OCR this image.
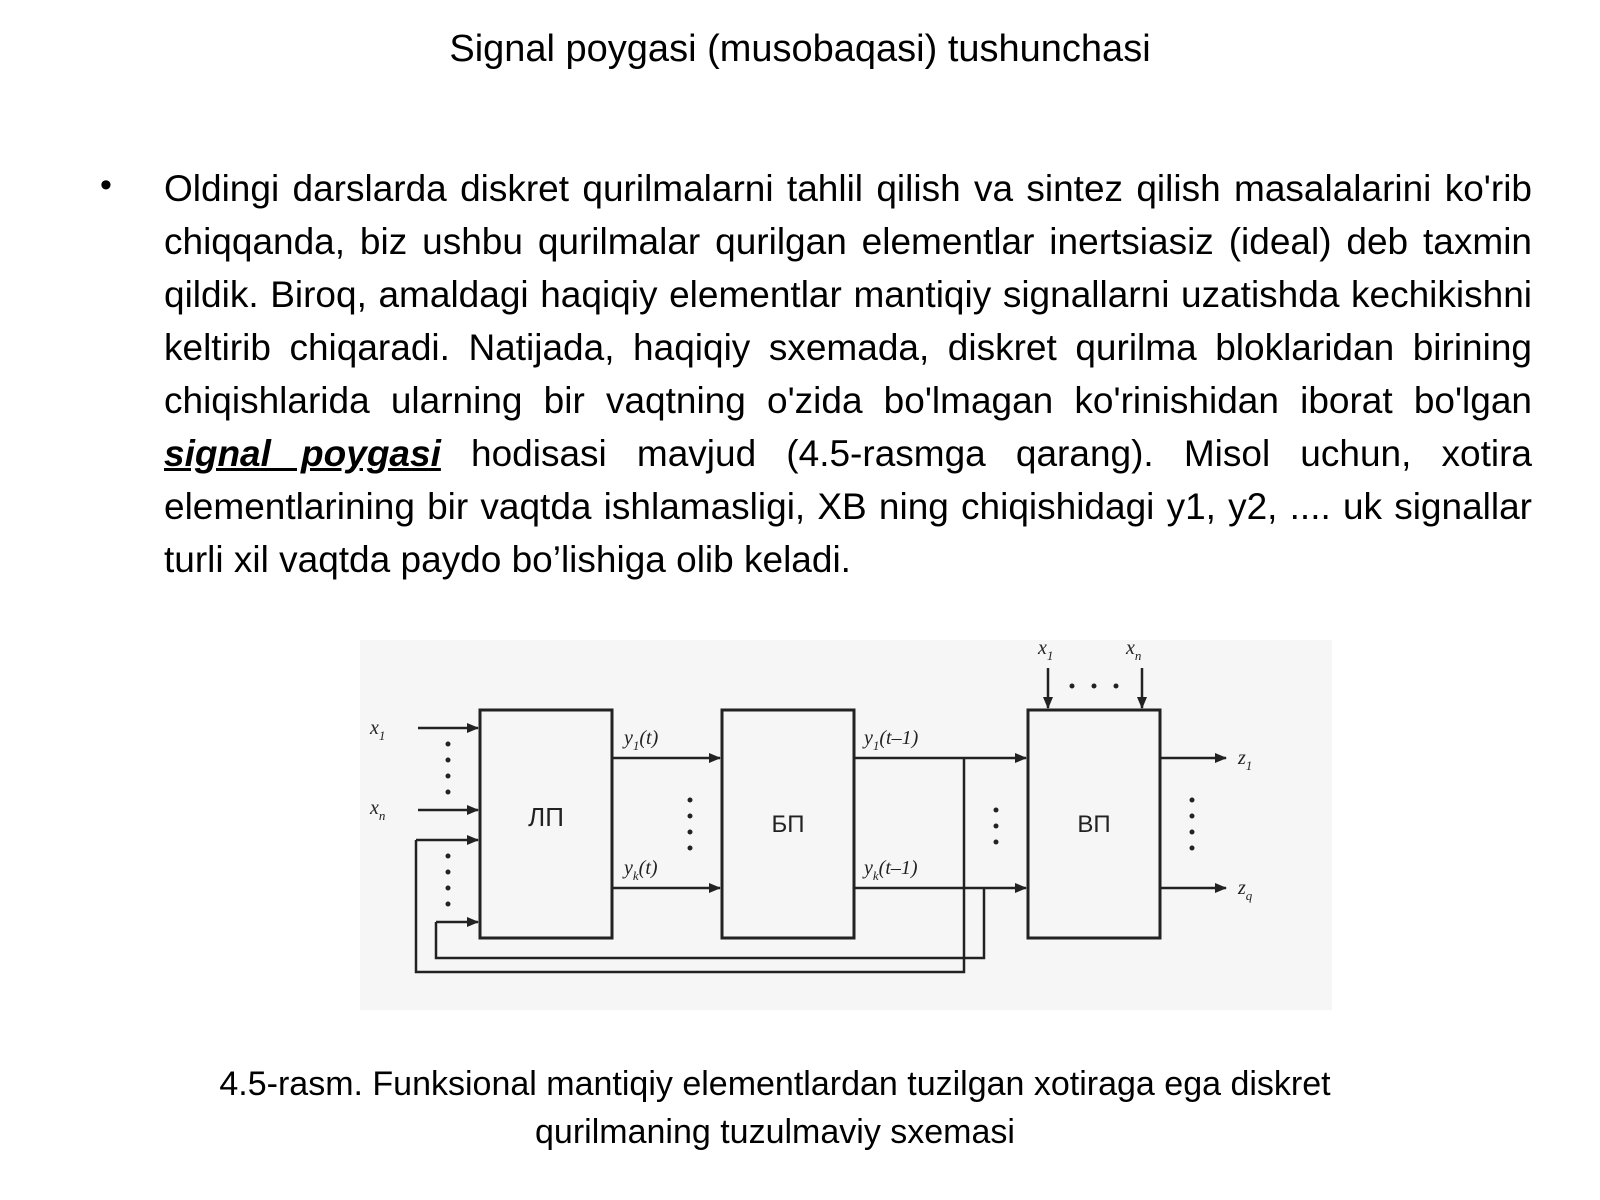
Signal poygasi (musobaqasi) tushunchasi
• Oldingi darslarda diskret qurilmalarni tahlil qilish va sintez qilish masalalarini ko'rib chiqqanda, biz ushbu qurilmalar qurilgan elementlar inertsiasiz (ideal) deb taxmin qildik. Biroq, amaldagi haqiqiy elementlar mantiqiy signallarni uzatishda kechikishni keltirib chiqaradi. Natijada, haqiqiy sxemada, diskret qurilma bloklaridan birining chiqishlarida ularning bir vaqtning o'zida bo'lmagan ko'rinishidan iborat bo'lgan signal poygasi hodisasi mavjud (4.5-rasmga qarang). Misol uchun, xotira elementlarining bir vaqtda ishlamasligi, XB ning chiqishidagi y1, y2, .... uk signallar turli xil vaqtda paydo bo’lishiga olib keladi.

ЛП	БП	ВП
$x_1$
$x_n$
$y_1(t)$
$y_k(t)$
$y_1(t-1)$
$y_k(t-1)$
$x_1$	$x_n$
$z_1$
$z_q$
4.5-rasm. Funksional mantiqiy elementlardan tuzilgan xotiraga ega diskret
qurilmaning tuzulmaviy sxemasi
